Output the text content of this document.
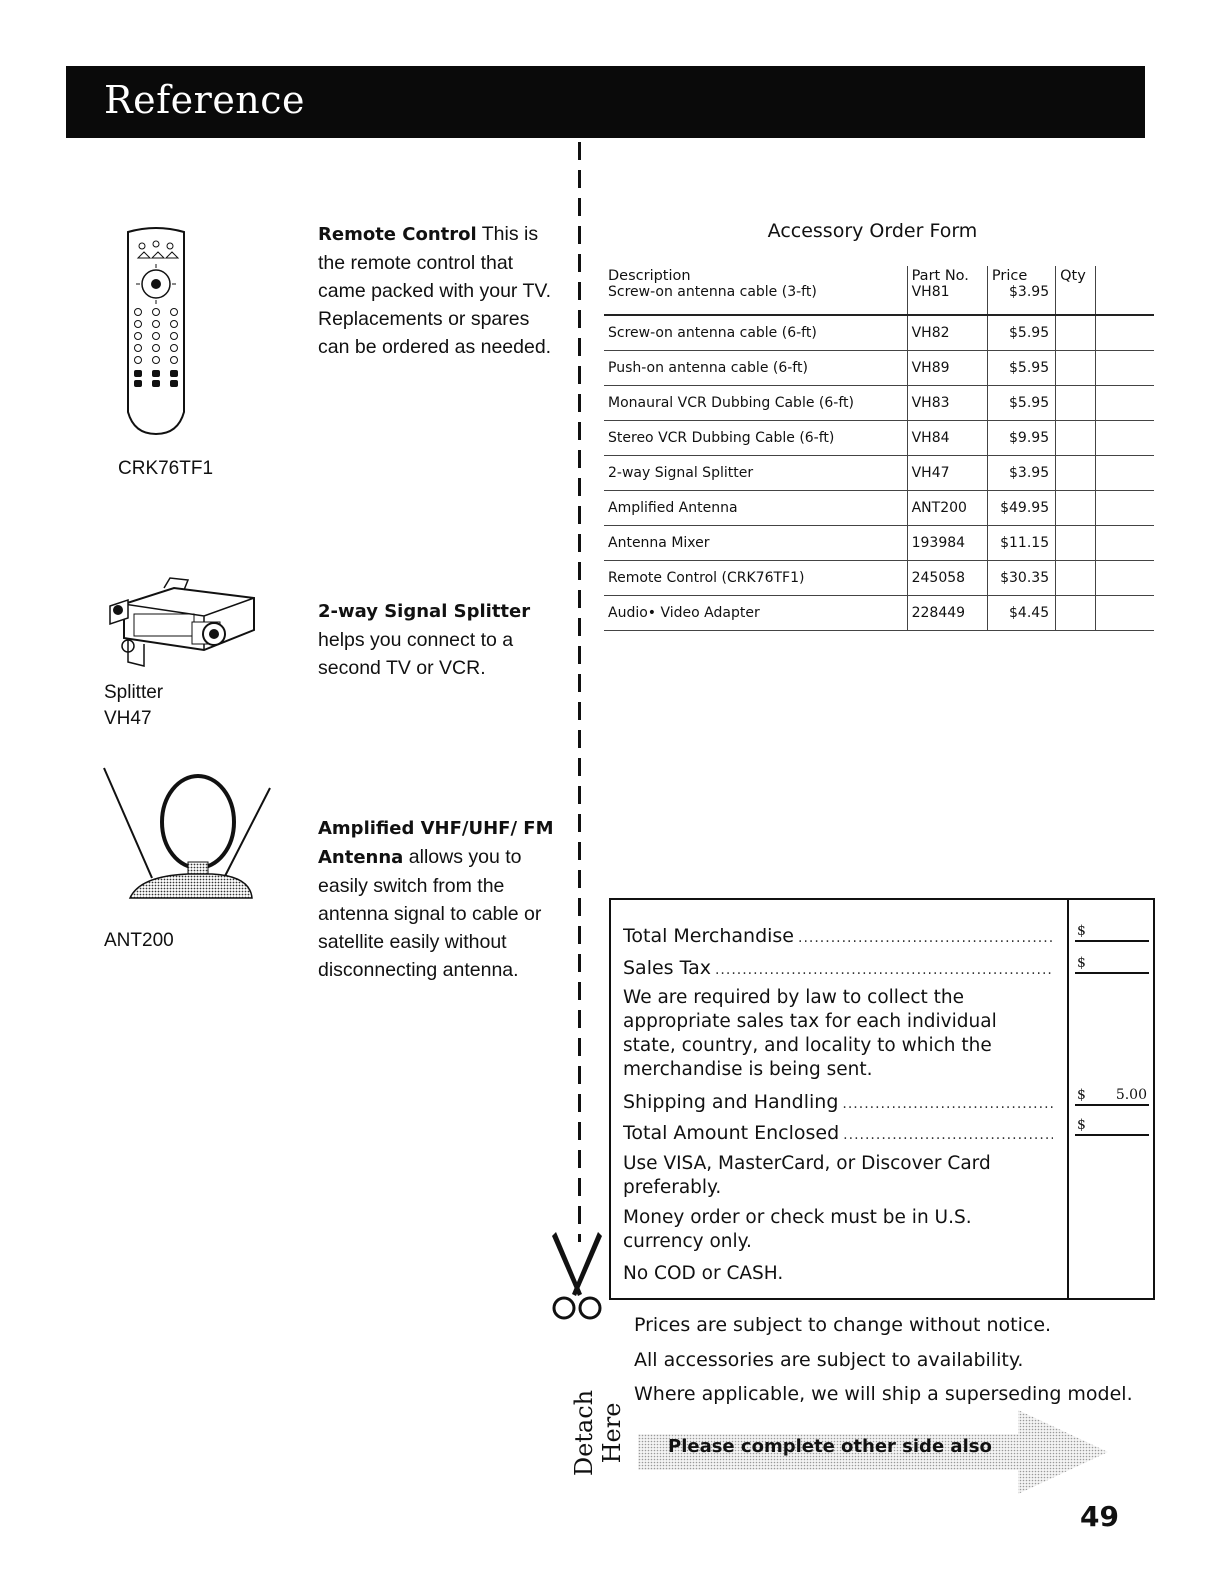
Reference
CRK76TF1
Remote Control This is the remote control that came packed with your TV. Replacements or spares can be ordered as needed.
Splitter
VH47
2-way Signal Splitter
helps you connect to a second TV or VCR.
ANT200
Amplified VHF/UHF/ FM Antenna allows you to easily switch from the antenna signal to cable or satellite easily without disconnecting antenna.
Accessory Order Form
Description	Part No.	Price	Qty	
Screw-on antenna cable (3-ft)	VH81	$3.95		
Screw-on antenna cable (6-ft)	VH82	$5.95		
Push-on antenna cable (6-ft)	VH89	$5.95		
Monaural VCR Dubbing Cable (6-ft)	VH83	$5.95		
Stereo VCR Dubbing Cable (6-ft)	VH84	$9.95		
2-way Signal Splitter	VH47	$3.95		
Amplified Antenna	ANT200	$49.95		
Antenna Mixer	193984	$11.15		
Remote Control (CRK76TF1)	245058	$30.35		
Audio• Video Adapter	228449	$4.45		
Total Merchandise .....	$
Sales Tax .....	$
We are required by law to collect the appropriate sales tax for each individual state, country, and locality to which the merchandise is being sent.
Shipping and Handling .....	$ 5.00
Total Amount Enclosed .....	$
Use VISA, MasterCard, or Discover Card preferably.
Money order or check must be in U.S. currency only.
No COD or CASH.
Detach Here
Prices are subject to change without notice.
All accessories are subject to availability.
Where applicable, we will ship a superseding model.
Please complete other side also
49
